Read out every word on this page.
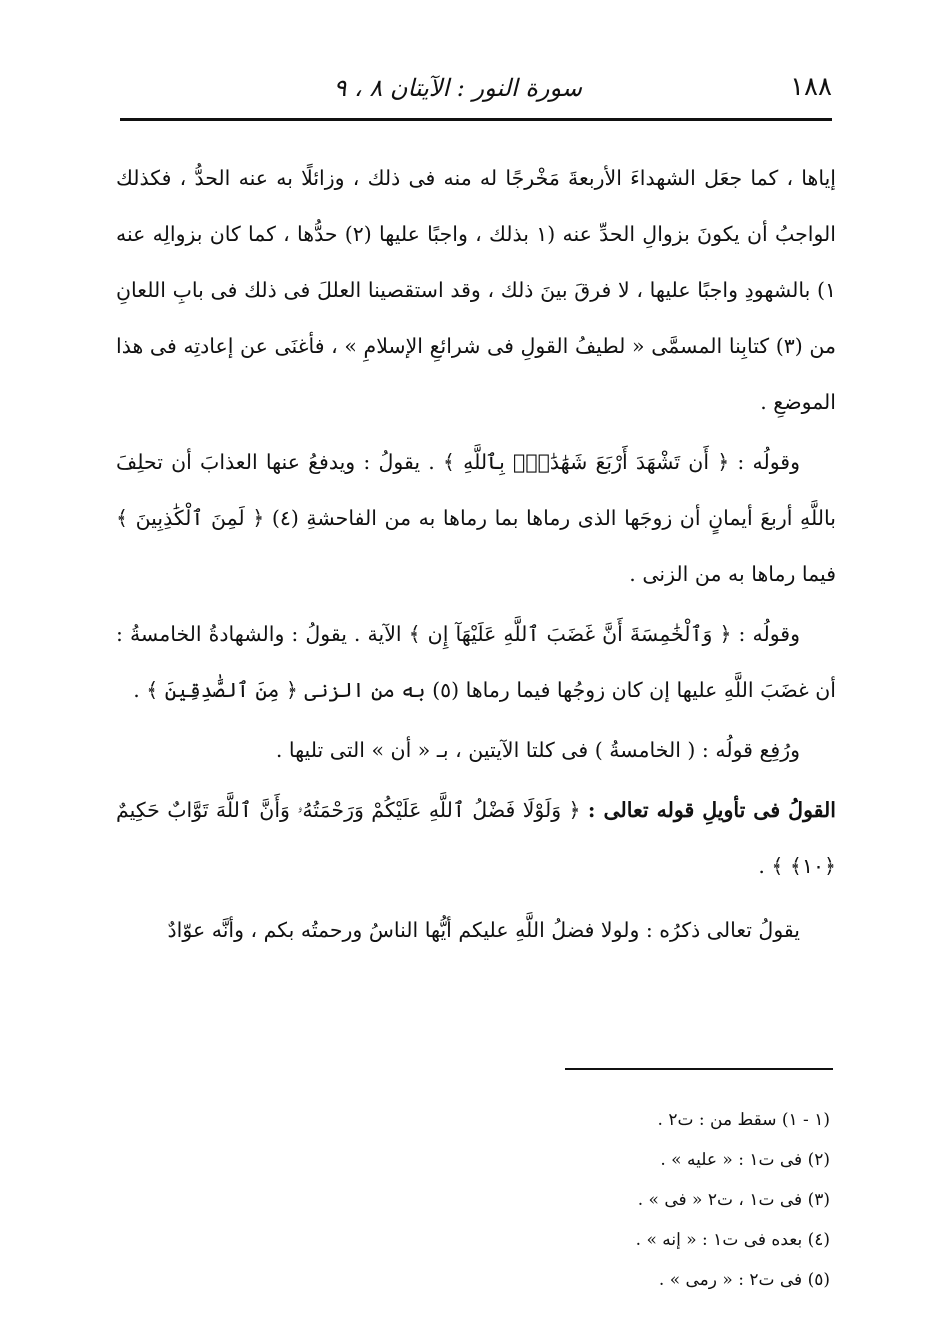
١٨٨
سورة النور : الآيتان ٨ ، ٩

إياها ، كما جعَل الشهداءَ الأربعةَ مَخْرجًا له منه فى ذلك ، وزائلًا به عنه الحدُّ ، فكذلك الواجبُ أن يكونَ بزوالِ الحدِّ عنه (١ بذلك ، واجبًا عليها (٢) حدُّها ، كما كان بزوالِه عنه ١) بالشهودِ واجبًا عليها ، لا فرقَ بينَ ذلك ، وقد استقصينا العللَ فى ذلك فى بابِ اللعانِ من (٣) كتابِنا المسمَّى « لطيفُ القولِ فى شرائعِ الإسلامِ » ، فأغنَى عن إعادتِه فى هذا الموضعِ .

وقولُه : ﴿ أَن تَشْهَدَ أَرْبَعَ شَهَٰدَٰتٍۭ بِٱللَّهِ ﴾ . يقولُ : ويدفعُ عنها العذابَ أن تحلِفَ باللَّهِ أربعَ أيمانٍ أن زوجَها الذى رماها بما رماها به من الفاحشةِ (٤) ﴿ لَمِنَ ٱلْكَٰذِبِينَ ﴾ فيما رماها به من الزنى .

وقولُه : ﴿ وَٱلْخَٰمِسَةَ أَنَّ غَضَبَ ٱللَّهِ عَلَيْهَآ إِن ﴾ الآية . يقولُ : والشهادةُ الخامسةُ : أن غضَبَ اللَّهِ عليها إن كان زوجُها فيما رماها (٥) به من الزنى ﴿ مِنَ ٱلصَّٰدِقِينَ ﴾ .

ورُفِع قولُه : ( الخامسةُ ) فى كلتا الآيتين ، بـ « أن » التى تليها .

القولُ فى تأويلِ قوله تعالى : ﴿ وَلَوْلَا فَضْلُ ٱللَّهِ عَلَيْكُمْ وَرَحْمَتُهُۥ وَأَنَّ ٱللَّهَ تَوَّابٌ حَكِيمٌ ﴿١٠﴾ ﴾ .

يقولُ تعالى ذكرُه : ولولا فضلُ اللَّهِ عليكم أيُّها الناسُ ورحمتُه بكم ، وأنَّه عوّادٌ

(١ - ١) سقط من : ت٢ .
(٢) فى ت١ : « عليه » .
(٣) فى ت١ ، ت٢ « فى » .
(٤) بعده فى ت١ : « إنه » .
(٥) فى ت٢ : « رمى » .
